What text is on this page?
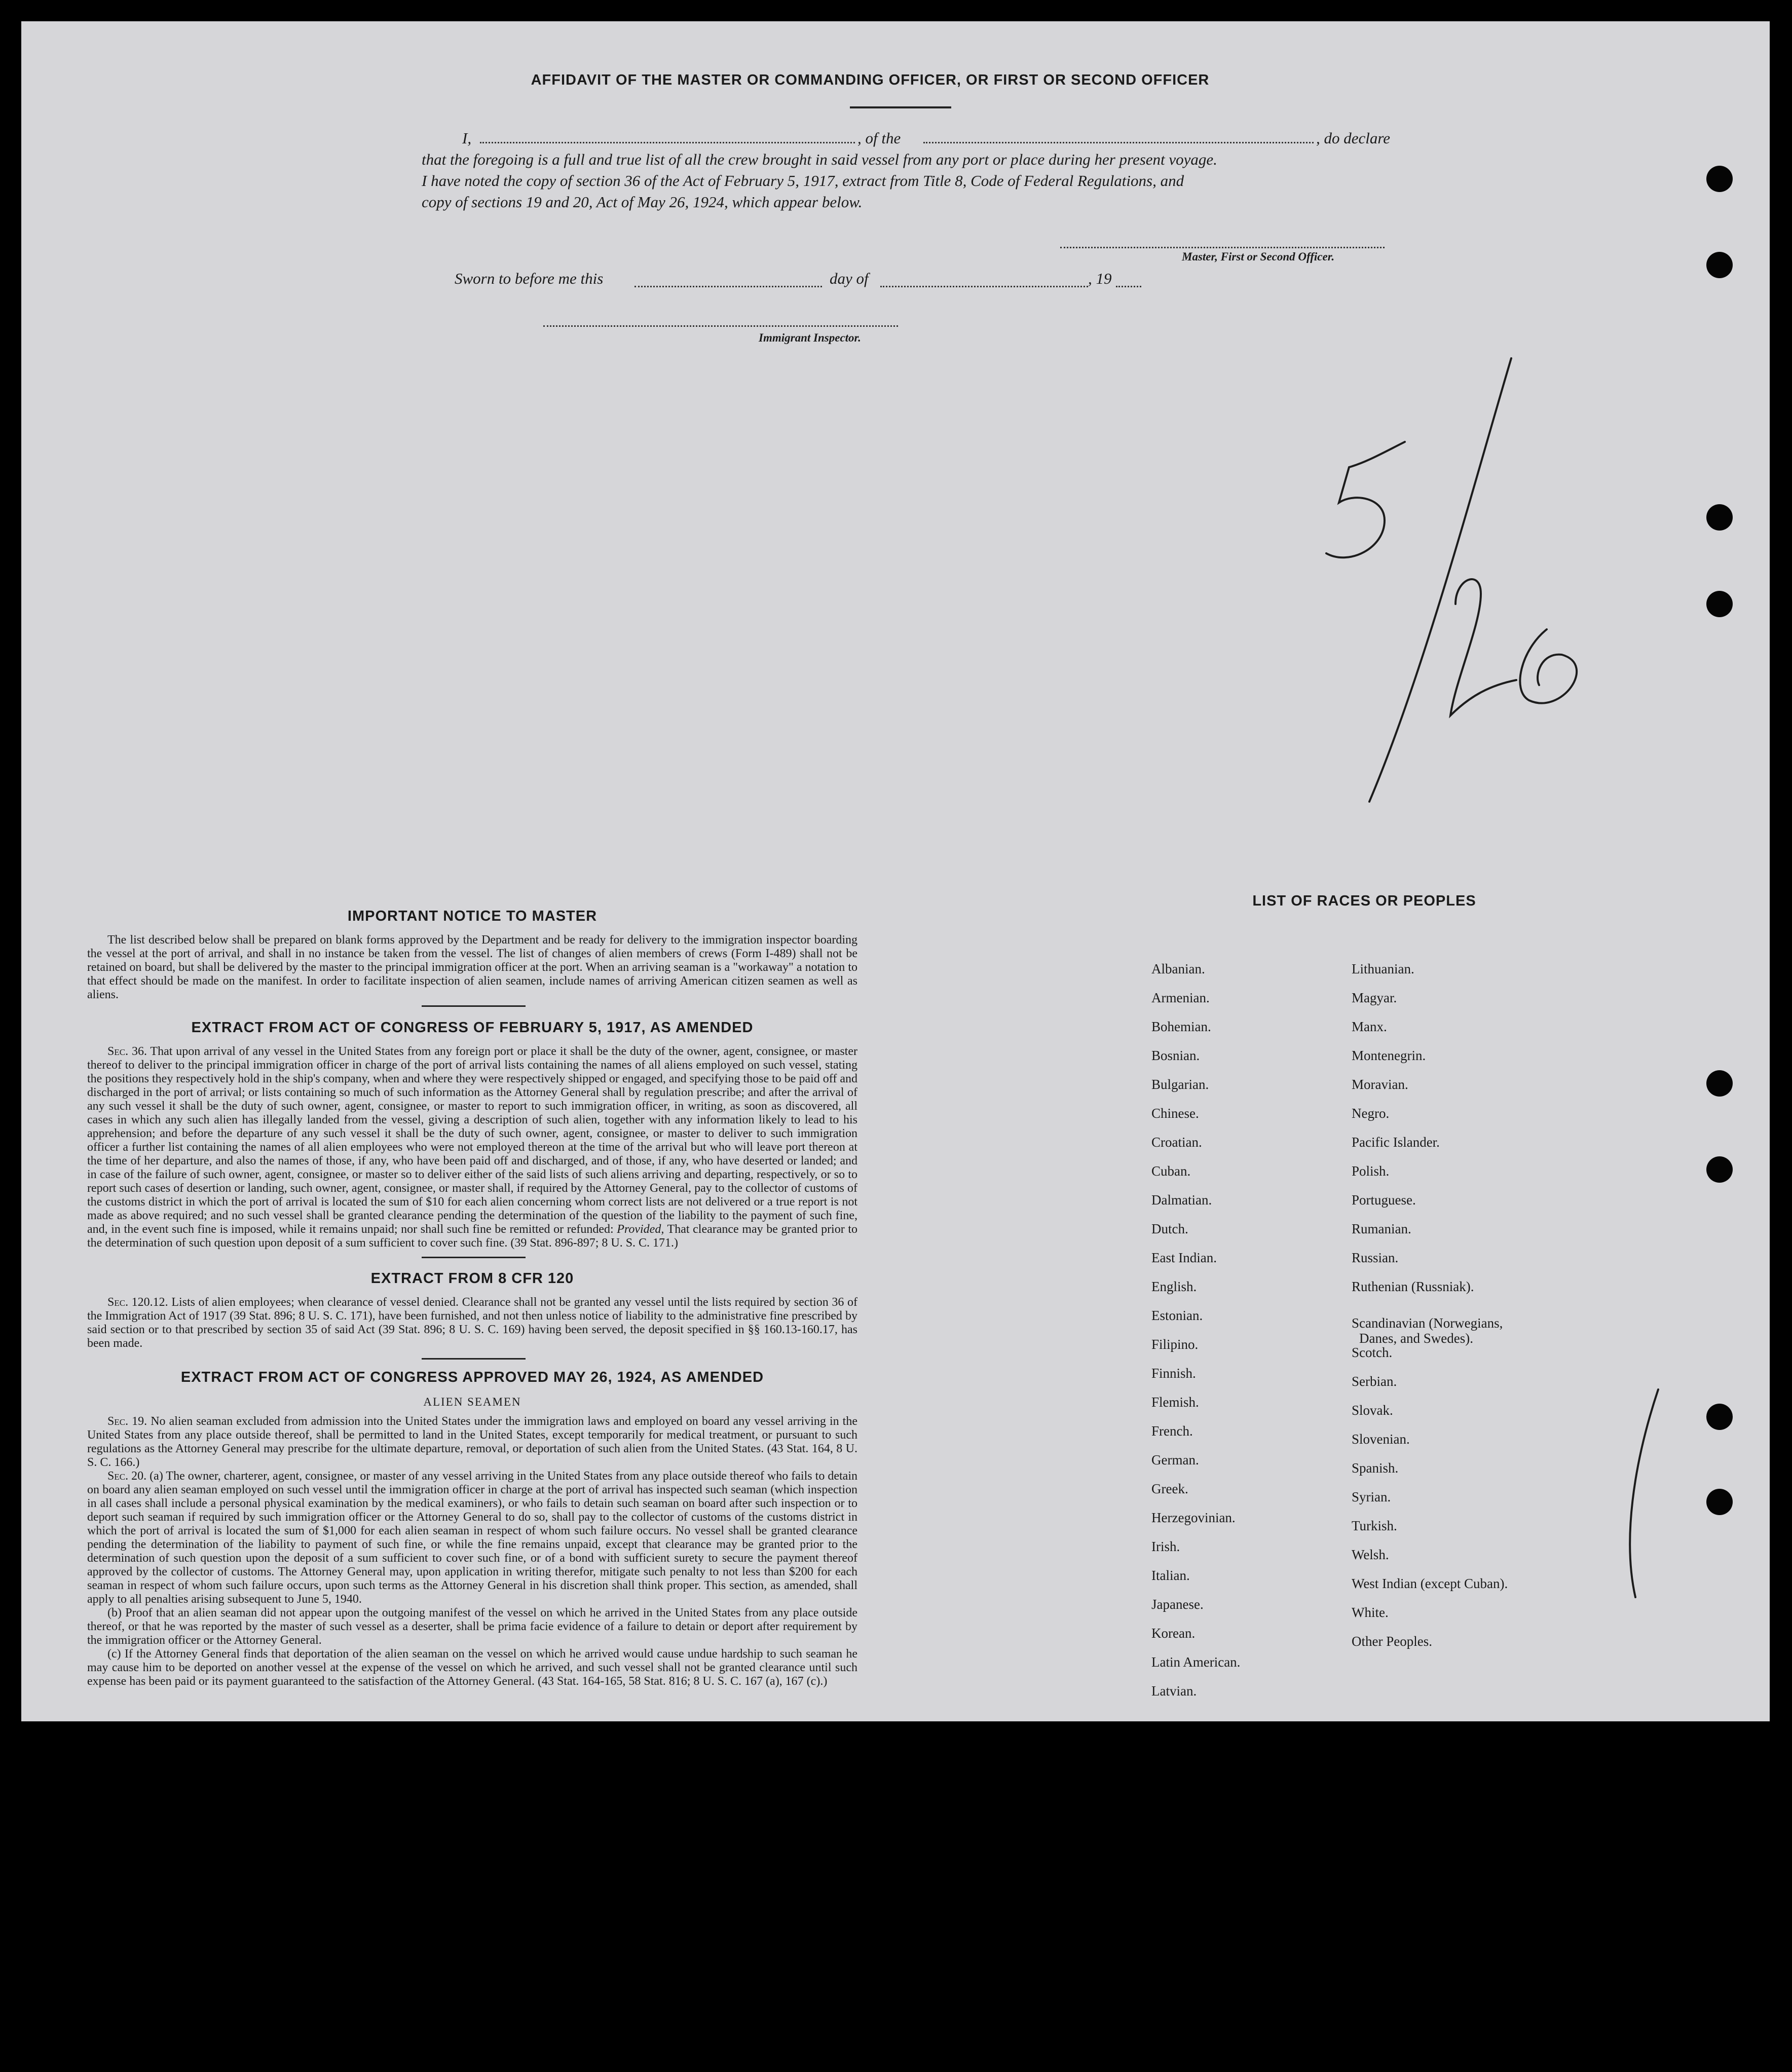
AFFIDAVIT OF THE MASTER OR COMMANDING OFFICER, OR FIRST OR SECOND OFFICER
I,	, of the	, do declare
that the foregoing is a full and true list of all the crew brought in said vessel from any port or place during her present voyage.
I have noted the copy of section 36 of the Act of February 5, 1917, extract from Title 8, Code of Federal Regulations, and
copy of sections 19 and 20, Act of May 26, 1924, which appear below.
Master, First or Second Officer.
Sworn to before me this	day of	, 19
Immigrant Inspector.
IMPORTANT NOTICE TO MASTER

The list described below shall be prepared on blank forms approved by the Department and be ready for delivery to the immigration inspector boarding the vessel at the port of arrival, and shall in no instance be taken from the vessel. The list of changes of alien members of crews (Form I-489) shall not be retained on board, but shall be delivered by the master to the principal immigration officer at the port. When an arriving seaman is a "workaway" a notation to that effect should be made on the manifest. In order to facilitate inspection of alien seamen, include names of arriving American citizen seamen as well as aliens.

EXTRACT FROM ACT OF CONGRESS OF FEBRUARY 5, 1917, AS AMENDED

Sec. 36. That upon arrival of any vessel in the United States from any foreign port or place it shall be the duty of the owner, agent, consignee, or master thereof to deliver to the principal immigration officer in charge of the port of arrival lists containing the names of all aliens employed on such vessel, stating the positions they respectively hold in the ship's company, when and where they were respectively shipped or engaged, and specifying those to be paid off and discharged in the port of arrival; or lists containing so much of such information as the Attorney General shall by regulation prescribe; and after the arrival of any such vessel it shall be the duty of such owner, agent, consignee, or master to report to such immigration officer, in writing, as soon as discovered, all cases in which any such alien has illegally landed from the vessel, giving a description of such alien, together with any information likely to lead to his apprehension; and before the departure of any such vessel it shall be the duty of such owner, agent, consignee, or master to deliver to such immigration officer a further list containing the names of all alien employees who were not employed thereon at the time of the arrival but who will leave port thereon at the time of her departure, and also the names of those, if any, who have been paid off and discharged, and of those, if any, who have deserted or landed; and in case of the failure of such owner, agent, consignee, or master so to deliver either of the said lists of such aliens arriving and departing, respectively, or so to report such cases of desertion or landing, such owner, agent, consignee, or master shall, if required by the Attorney General, pay to the collector of customs of the customs district in which the port of arrival is located the sum of $10 for each alien concerning whom correct lists are not delivered or a true report is not made as above required; and no such vessel shall be granted clearance pending the determination of the question of the liability to the payment of such fine, and, in the event such fine is imposed, while it remains unpaid; nor shall such fine be remitted or refunded: Provided, That clearance may be granted prior to the determination of such question upon deposit of a sum sufficient to cover such fine. (39 Stat. 896-897; 8 U. S. C. 171.)

EXTRACT FROM 8 CFR 120

Sec. 120.12. Lists of alien employees; when clearance of vessel denied. Clearance shall not be granted any vessel until the lists required by section 36 of the Immigration Act of 1917 (39 Stat. 896; 8 U. S. C. 171), have been furnished, and not then unless notice of liability to the administrative fine prescribed by said section or to that prescribed by section 35 of said Act (39 Stat. 896; 8 U. S. C. 169) having been served, the deposit specified in §§ 160.13-160.17, has been made.

EXTRACT FROM ACT OF CONGRESS APPROVED MAY 26, 1924, AS AMENDED
ALIEN SEAMEN

Sec. 19. No alien seaman excluded from admission into the United States under the immigration laws and employed on board any vessel arriving in the United States from any place outside thereof, shall be permitted to land in the United States, except temporarily for medical treatment, or pursuant to such regulations as the Attorney General may prescribe for the ultimate departure, removal, or deportation of such alien from the United States. (43 Stat. 164, 8 U. S. C. 166.)

Sec. 20. (a) The owner, charterer, agent, consignee, or master of any vessel arriving in the United States from any place outside thereof who fails to detain on board any alien seaman employed on such vessel until the immigration officer in charge at the port of arrival has inspected such seaman (which inspection in all cases shall include a personal physical examination by the medical examiners), or who fails to detain such seaman on board after such inspection or to deport such seaman if required by such immigration officer or the Attorney General to do so, shall pay to the collector of customs of the customs district in which the port of arrival is located the sum of $1,000 for each alien seaman in respect of whom such failure occurs. No vessel shall be granted clearance pending the determination of the liability to payment of such fine, or while the fine remains unpaid, except that clearance may be granted prior to the determination of such question upon the deposit of a sum sufficient to cover such fine, or of a bond with sufficient surety to secure the payment thereof approved by the collector of customs. The Attorney General may, upon application in writing therefor, mitigate such penalty to not less than $200 for each seaman in respect of whom such failure occurs, upon such terms as the Attorney General in his discretion shall think proper. This section, as amended, shall apply to all penalties arising subsequent to June 5, 1940.

(b) Proof that an alien seaman did not appear upon the outgoing manifest of the vessel on which he arrived in the United States from any place outside thereof, or that he was reported by the master of such vessel as a deserter, shall be prima facie evidence of a failure to detain or deport after requirement by the immigration officer or the Attorney General.

(c) If the Attorney General finds that deportation of the alien seaman on the vessel on which he arrived would cause undue hardship to such seaman he may cause him to be deported on another vessel at the expense of the vessel on which he arrived, and such vessel shall not be granted clearance until such expense has been paid or its payment guaranteed to the satisfaction of the Attorney General. (43 Stat. 164-165, 58 Stat. 816; 8 U. S. C. 167 (a), 167 (c).)

LIST OF RACES OR PEOPLES
Albanian.
Armenian.
Bohemian.
Bosnian.
Bulgarian.
Chinese.
Croatian.
Cuban.
Dalmatian.
Dutch.
East Indian.
English.
Estonian.
Filipino.
Finnish.
Flemish.
French.
German.
Greek.
Herzegovinian.
Irish.
Italian.
Japanese.
Korean.
Latin American.
Latvian.
Lithuanian.
Magyar.
Manx.
Montenegrin.
Moravian.
Negro.
Pacific Islander.
Polish.
Portuguese.
Rumanian.
Russian.
Ruthenian (Russniak).
Scandinavian (Norwegians,
Danes, and Swedes).
Scotch.
Serbian.
Slovak.
Slovenian.
Spanish.
Syrian.
Turkish.
Welsh.
West Indian (except Cuban).
White.
Other Peoples.
5/26
